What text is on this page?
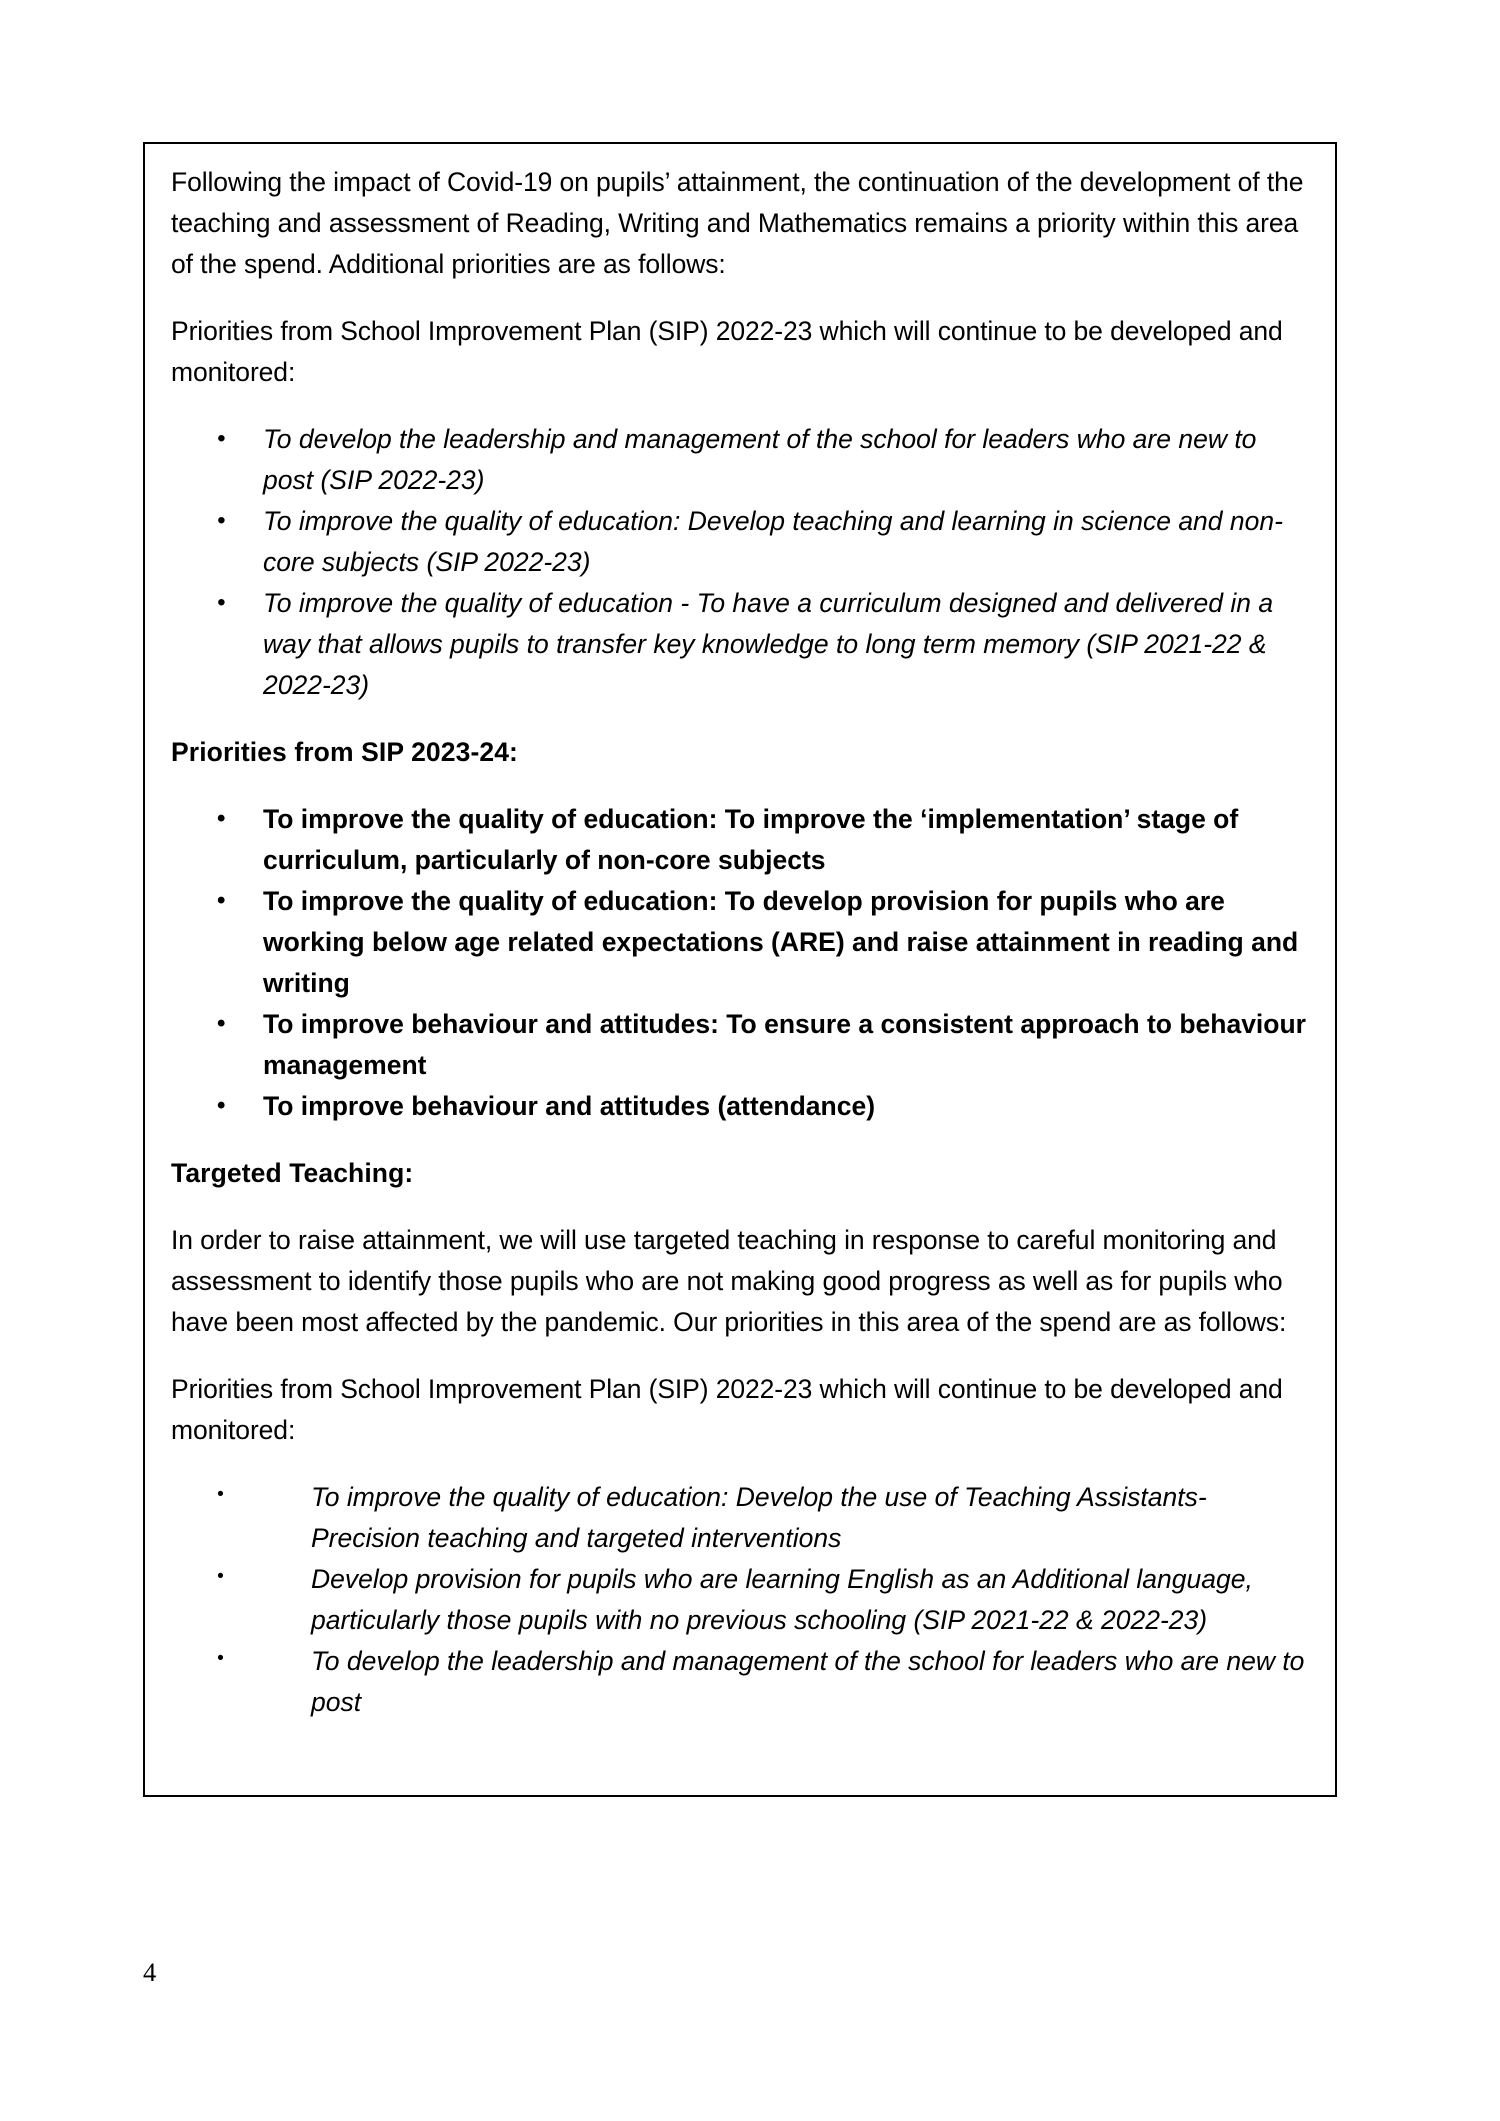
Following the impact of Covid-19 on pupils’ attainment, the continuation of the development of the teaching and assessment of Reading, Writing and Mathematics remains a priority within this area of the spend. Additional priorities are as follows:

Priorities from School Improvement Plan (SIP) 2022-23 which will continue to be developed and monitored:

• To develop the leadership and management of the school for leaders who are new to post (SIP 2022-23)
• To improve the quality of education: Develop teaching and learning in science and non-core subjects (SIP 2022-23)
• To improve the quality of education - To have a curriculum designed and delivered in a way that allows pupils to transfer key knowledge to long term memory (SIP 2021-22 & 2022-23)

Priorities from SIP 2023-24:

• To improve the quality of education: To improve the ‘implementation’ stage of curriculum, particularly of non-core subjects
• To improve the quality of education: To develop provision for pupils who are working below age related expectations (ARE) and raise attainment in reading and writing
• To improve behaviour and attitudes: To ensure a consistent approach to behaviour management
• To improve behaviour and attitudes (attendance)

Targeted Teaching:

In order to raise attainment, we will use targeted teaching in response to careful monitoring and assessment to identify those pupils who are not making good progress as well as for pupils who have been most affected by the pandemic. Our priorities in this area of the spend are as follows:

Priorities from School Improvement Plan (SIP) 2022-23 which will continue to be developed and monitored:

• To improve the quality of education: Develop the use of Teaching Assistants- Precision teaching and targeted interventions
• Develop provision for pupils who are learning English as an Additional language, particularly those pupils with no previous schooling (SIP 2021-22 & 2022-23)
• To develop the leadership and management of the school for leaders who are new to post
4
